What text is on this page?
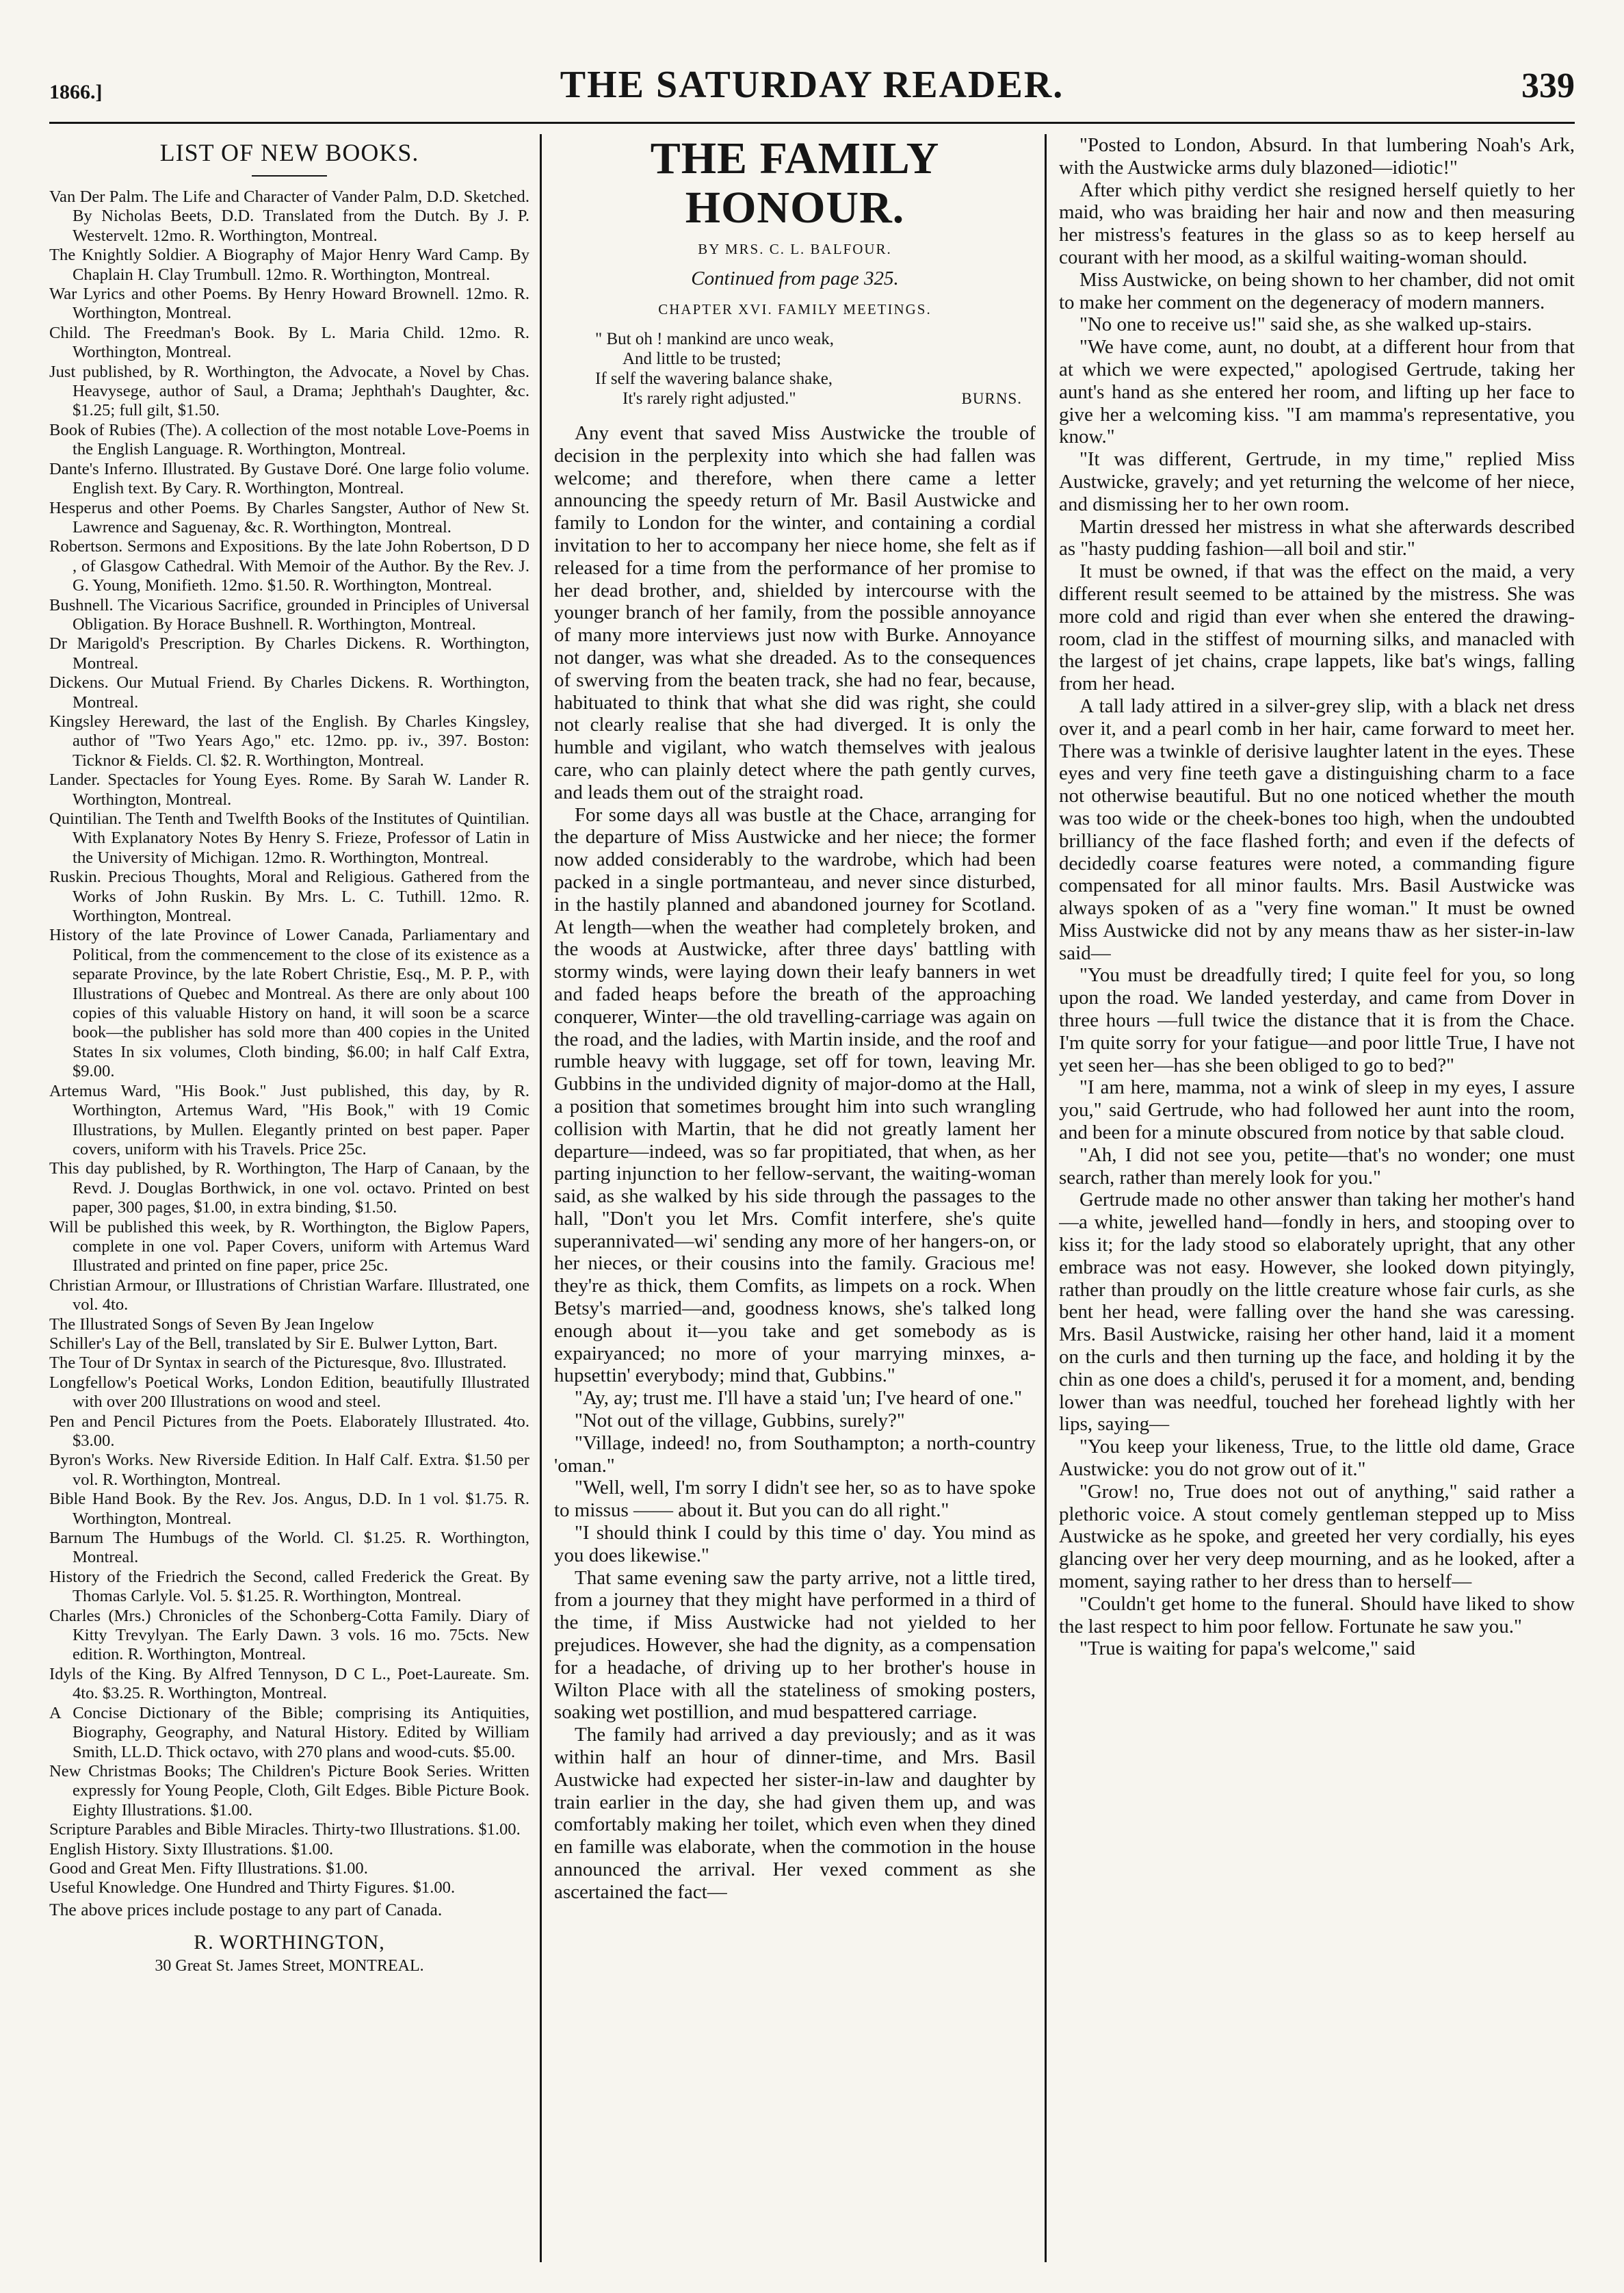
1866.]	THE SATURDAY READER.	339
LIST OF NEW BOOKS.

Van Der Palm. The Life and Character of Vander Palm, D.D. Sketched. By Nicholas Beets, D.D. Translated from the Dutch. By J. P. Westervelt. 12mo. R. Worthington, Montreal.

The Knightly Soldier. A Biography of Major Henry Ward Camp. By Chaplain H. Clay Trumbull. 12mo. R. Worthington, Montreal.

War Lyrics and other Poems. By Henry Howard Brownell. 12mo. R. Worthington, Montreal.

Child. The Freedman's Book. By L. Maria Child. 12mo. R. Worthington, Montreal.

Just published, by R. Worthington, the Advocate, a Novel by Chas. Heavysege, author of Saul, a Drama; Jephthah's Daughter, &c. $1.25; full gilt, $1.50.

Book of Rubies (The). A collection of the most notable Love-Poems in the English Language. R. Worthington, Montreal.

Dante's Inferno. Illustrated. By Gustave Doré. One large folio volume. English text. By Cary. R. Worthington, Montreal.

Hesperus and other Poems. By Charles Sangster, Author of New St. Lawrence and Saguenay, &c. R. Worthington, Montreal.

Robertson. Sermons and Expositions. By the late John Robertson, D D , of Glasgow Cathedral. With Memoir of the Author. By the Rev. J. G. Young, Monifieth. 12mo. $1.50. R. Worthington, Montreal.

Bushnell. The Vicarious Sacrifice, grounded in Principles of Universal Obligation. By Horace Bushnell. R. Worthington, Montreal.

Dr Marigold's Prescription. By Charles Dickens. R. Worthington, Montreal.

Dickens. Our Mutual Friend. By Charles Dickens. R. Worthington, Montreal.

Kingsley Hereward, the last of the English. By Charles Kingsley, author of "Two Years Ago," etc. 12mo. pp. iv., 397. Boston: Ticknor & Fields. Cl. $2. R. Worthington, Montreal.

Lander. Spectacles for Young Eyes. Rome. By Sarah W. Lander R. Worthington, Montreal.

Quintilian. The Tenth and Twelfth Books of the Institutes of Quintilian. With Explanatory Notes By Henry S. Frieze, Professor of Latin in the University of Michigan. 12mo. R. Worthington, Montreal.

Ruskin. Precious Thoughts, Moral and Religious. Gathered from the Works of John Ruskin. By Mrs. L. C. Tuthill. 12mo. R. Worthington, Montreal.

History of the late Province of Lower Canada, Parliamentary and Political, from the commencement to the close of its existence as a separate Province, by the late Robert Christie, Esq., M. P. P., with Illustrations of Quebec and Montreal. As there are only about 100 copies of this valuable History on hand, it will soon be a scarce book—the publisher has sold more than 400 copies in the United States In six volumes, Cloth binding, $6.00; in half Calf Extra, $9.00.

Artemus Ward, "His Book." Just published, this day, by R. Worthington, Artemus Ward, "His Book," with 19 Comic Illustrations, by Mullen. Elegantly printed on best paper. Paper covers, uniform with his Travels. Price 25c.

This day published, by R. Worthington, The Harp of Canaan, by the Revd. J. Douglas Borthwick, in one vol. octavo. Printed on best paper, 300 pages, $1.00, in extra binding, $1.50.

Will be published this week, by R. Worthington, the Biglow Papers, complete in one vol. Paper Covers, uniform with Artemus Ward Illustrated and printed on fine paper, price 25c.

Christian Armour, or Illustrations of Christian Warfare. Illustrated, one vol. 4to.

The Illustrated Songs of Seven By Jean Ingelow

Schiller's Lay of the Bell, translated by Sir E. Bulwer Lytton, Bart.

The Tour of Dr Syntax in search of the Picturesque, 8vo. Illustrated.

Longfellow's Poetical Works, London Edition, beautifully Illustrated with over 200 Illustrations on wood and steel.

Pen and Pencil Pictures from the Poets. Elaborately Illustrated. 4to. $3.00.

Byron's Works. New Riverside Edition. In Half Calf. Extra. $1.50 per vol. R. Worthington, Montreal.

Bible Hand Book. By the Rev. Jos. Angus, D.D. In 1 vol. $1.75. R. Worthington, Montreal.

Barnum The Humbugs of the World. Cl. $1.25. R. Worthington, Montreal.

History of the Friedrich the Second, called Frederick the Great. By Thomas Carlyle. Vol. 5. $1.25. R. Worthington, Montreal.

Charles (Mrs.) Chronicles of the Schonberg-Cotta Family. Diary of Kitty Trevylyan. The Early Dawn. 3 vols. 16 mo. 75cts. New edition. R. Worthington, Montreal.

Idyls of the King. By Alfred Tennyson, D C L., Poet-Laureate. Sm. 4to. $3.25. R. Worthington, Montreal.

A Concise Dictionary of the Bible; comprising its Antiquities, Biography, Geography, and Natural History. Edited by William Smith, LL.D. Thick octavo, with 270 plans and wood-cuts. $5.00.

New Christmas Books; The Children's Picture Book Series. Written expressly for Young People, Cloth, Gilt Edges. Bible Picture Book. Eighty Illustrations. $1.00.

Scripture Parables and Bible Miracles. Thirty-two Illustrations. $1.00.

English History. Sixty Illustrations. $1.00.

Good and Great Men. Fifty Illustrations. $1.00.

Useful Knowledge. One Hundred and Thirty Figures. $1.00.

The above prices include postage to any part of Canada.

R. WORTHINGTON,

30 Great St. James Street, MONTREAL.

THE FAMILY HONOUR.

BY MRS. C. L. BALFOUR.

Continued from page 325.

CHAPTER XVI. FAMILY MEETINGS.

" But oh ! mankind are unco weak,

And little to be trusted;

If self the wavering balance shake,

It's rarely right adjusted."	BURNS.

Any event that saved Miss Austwicke the trouble of decision in the perplexity into which she had fallen was welcome; and therefore, when there came a letter announcing the speedy return of Mr. Basil Austwicke and family to London for the winter, and containing a cordial invitation to her to accompany her niece home, she felt as if released for a time from the performance of her promise to her dead brother, and, shielded by intercourse with the younger branch of her family, from the possible annoyance of many more interviews just now with Burke. Annoyance not danger, was what she dreaded. As to the consequences of swerving from the beaten track, she had no fear, because, habituated to think that what she did was right, she could not clearly realise that she had diverged. It is only the humble and vigilant, who watch themselves with jealous care, who can plainly detect where the path gently curves, and leads them out of the straight road.

For some days all was bustle at the Chace, arranging for the departure of Miss Austwicke and her niece; the former now added considerably to the wardrobe, which had been packed in a single portmanteau, and never since disturbed, in the hastily planned and abandoned journey for Scotland. At length—when the weather had completely broken, and the woods at Austwicke, after three days' battling with stormy winds, were laying down their leafy banners in wet and faded heaps before the breath of the approaching conquerer, Winter—the old travelling-carriage was again on the road, and the ladies, with Martin inside, and the roof and rumble heavy with luggage, set off for town, leaving Mr. Gubbins in the undivided dignity of major-domo at the Hall, a position that sometimes brought him into such wrangling collision with Martin, that he did not greatly lament her departure—indeed, was so far propitiated, that when, as her parting injunction to her fellow-servant, the waiting-woman said, as she walked by his side through the passages to the hall, "Don't you let Mrs. Comfit interfere, she's quite superannivated—wi' sending any more of her hangers-on, or her nieces, or their cousins into the family. Gracious me! they're as thick, them Comfits, as limpets on a rock. When Betsy's married—and, goodness knows, she's talked long enough about it—you take and get somebody as is expairyanced; no more of your marrying minxes, a-hupsettin' everybody; mind that, Gubbins."

"Ay, ay; trust me. I'll have a staid 'un; I've heard of one."

"Not out of the village, Gubbins, surely?"

"Village, indeed! no, from Southampton; a north-country 'oman."

"Well, well, I'm sorry I didn't see her, so as to have spoke to missus —— about it. But you can do all right."

"I should think I could by this time o' day. You mind as you does likewise."

That same evening saw the party arrive, not a little tired, from a journey that they might have performed in a third of the time, if Miss Austwicke had not yielded to her prejudices. However, she had the dignity, as a compensation for a headache, of driving up to her brother's house in Wilton Place with all the stateliness of smoking posters, soaking wet postillion, and mud bespattered carriage.

The family had arrived a day previously; and as it was within half an hour of dinner-time, and Mrs. Basil Austwicke had expected her sister-in-law and daughter by train earlier in the day, she had given them up, and was comfortably making her toilet, which even when they dined en famille was elaborate, when the commotion in the house announced the arrival. Her vexed comment as she ascertained the fact—

"Posted to London, Absurd. In that lumbering Noah's Ark, with the Austwicke arms duly blazoned—idiotic!"

After which pithy verdict she resigned herself quietly to her maid, who was braiding her hair and now and then measuring her mistress's features in the glass so as to keep herself au courant with her mood, as a skilful waiting-woman should.

Miss Austwicke, on being shown to her chamber, did not omit to make her comment on the degeneracy of modern manners.

"No one to receive us!" said she, as she walked up-stairs.

"We have come, aunt, no doubt, at a different hour from that at which we were expected," apologised Gertrude, taking her aunt's hand as she entered her room, and lifting up her face to give her a welcoming kiss. "I am mamma's representative, you know."

"It was different, Gertrude, in my time," replied Miss Austwicke, gravely; and yet returning the welcome of her niece, and dismissing her to her own room.

Martin dressed her mistress in what she afterwards described as "hasty pudding fashion—all boil and stir."

It must be owned, if that was the effect on the maid, a very different result seemed to be attained by the mistress. She was more cold and rigid than ever when she entered the drawing-room, clad in the stiffest of mourning silks, and manacled with the largest of jet chains, crape lappets, like bat's wings, falling from her head.

A tall lady attired in a silver-grey slip, with a black net dress over it, and a pearl comb in her hair, came forward to meet her. There was a twinkle of derisive laughter latent in the eyes. These eyes and very fine teeth gave a distinguishing charm to a face not otherwise beautiful. But no one noticed whether the mouth was too wide or the cheek-bones too high, when the undoubted brilliancy of the face flashed forth; and even if the defects of decidedly coarse features were noted, a commanding figure compensated for all minor faults. Mrs. Basil Austwicke was always spoken of as a "very fine woman." It must be owned Miss Austwicke did not by any means thaw as her sister-in-law said—

"You must be dreadfully tired; I quite feel for you, so long upon the road. We landed yesterday, and came from Dover in three hours —full twice the distance that it is from the Chace. I'm quite sorry for your fatigue—and poor little True, I have not yet seen her—has she been obliged to go to bed?"

"I am here, mamma, not a wink of sleep in my eyes, I assure you," said Gertrude, who had followed her aunt into the room, and been for a minute obscured from notice by that sable cloud.

"Ah, I did not see you, petite—that's no wonder; one must search, rather than merely look for you."

Gertrude made no other answer than taking her mother's hand—a white, jewelled hand—fondly in hers, and stooping over to kiss it; for the lady stood so elaborately upright, that any other embrace was not easy. However, she looked down pityingly, rather than proudly on the little creature whose fair curls, as she bent her head, were falling over the hand she was caressing. Mrs. Basil Austwicke, raising her other hand, laid it a moment on the curls and then turning up the face, and holding it by the chin as one does a child's, perused it for a moment, and, bending lower than was needful, touched her forehead lightly with her lips, saying—

"You keep your likeness, True, to the little old dame, Grace Austwicke: you do not grow out of it."

"Grow! no, True does not out of anything," said rather a plethoric voice. A stout comely gentleman stepped up to Miss Austwicke as he spoke, and greeted her very cordially, his eyes glancing over her very deep mourning, and as he looked, after a moment, saying rather to her dress than to herself—

"Couldn't get home to the funeral. Should have liked to show the last respect to him poor fellow. Fortunate he saw you."

"True is waiting for papa's welcome," said
